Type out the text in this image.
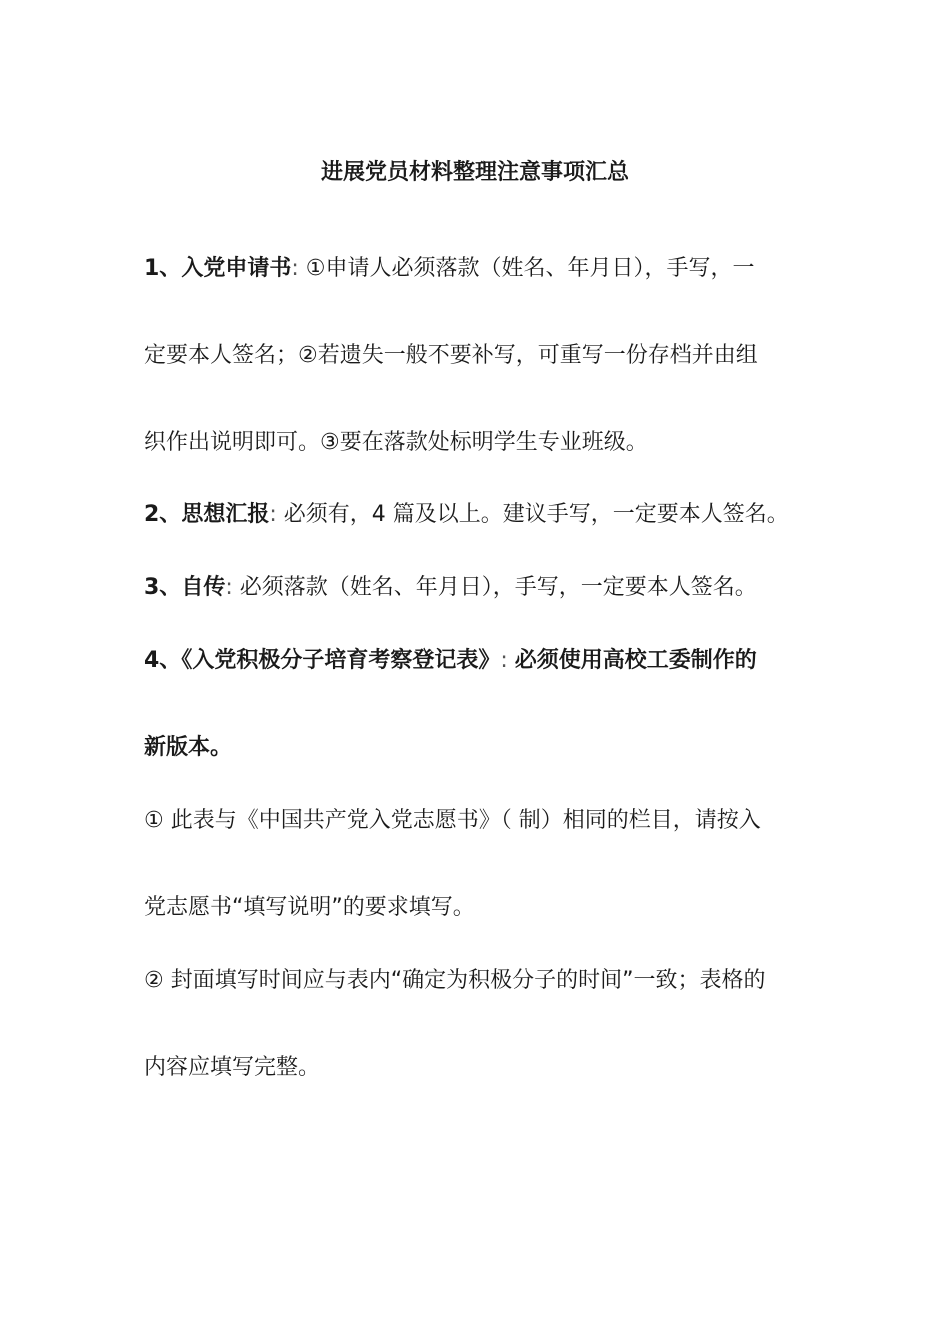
进展党员材料整理注意事项汇总
1、入党申请书: ①申请人必须落款（姓名、年月日），手写，一
定要本人签名；②若遗失一般不要补写，可重写一份存档并由组
织作出说明即可。③要在落款处标明学生专业班级。
2、思想汇报: 必须有，4 篇及以上。建议手写，一定要本人签名。
3、自传: 必须落款（姓名、年月日），手写，一定要本人签名。
4、《入党积极分子培育考察登记表》: 必须使用高校工委制作的
新版本。
① 此表与《中国共产党入党志愿书》（ 制）相同的栏目，请按入
党志愿书“填写说明”的要求填写。
② 封面填写时间应与表内“确定为积极分子的时间”一致；表格的
内容应填写完整。
